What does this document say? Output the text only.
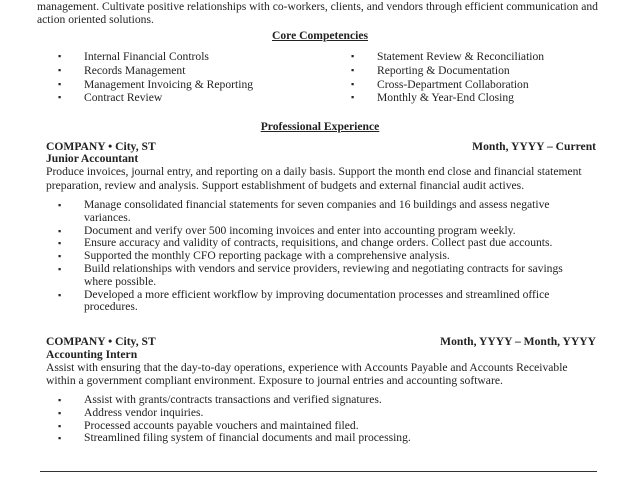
management. Cultivate positive relationships with co-workers, clients, and vendors through efficient communication and
action oriented solutions.
Core Competencies
▪ Internal Financial Controls
▪ Records Management
▪ Management Invoicing & Reporting
▪ Contract Review
▪ Statement Review & Reconciliation
▪ Reporting & Documentation
▪ Cross-Department Collaboration
▪ Monthly & Year-End Closing
Professional Experience
COMPANY • City, ST	Month, YYYY – Current
Junior Accountant
Produce invoices, journal entry, and reporting on a daily basis. Support the month end close and financial statement
preparation, review and analysis. Support establishment of budgets and external financial audit actives.
▪ Manage consolidated financial statements for seven companies and 16 buildings and assess negative variances.
▪ Document and verify over 500 incoming invoices and enter into accounting program weekly.
▪ Ensure accuracy and validity of contracts, requisitions, and change orders. Collect past due accounts.
▪ Supported the monthly CFO reporting package with a comprehensive analysis.
▪ Build relationships with vendors and service providers, reviewing and negotiating contracts for savings where possible.
▪ Developed a more efficient workflow by improving documentation processes and streamlined office procedures.
COMPANY • City, ST	Month, YYYY – Month, YYYY
Accounting Intern
Assist with ensuring that the day-to-day operations, experience with Accounts Payable and Accounts Receivable
within a government compliant environment. Exposure to journal entries and accounting software.
▪ Assist with grants/contracts transactions and verified signatures.
▪ Address vendor inquiries.
▪ Processed accounts payable vouchers and maintained filed.
▪ Streamlined filing system of financial documents and mail processing.
